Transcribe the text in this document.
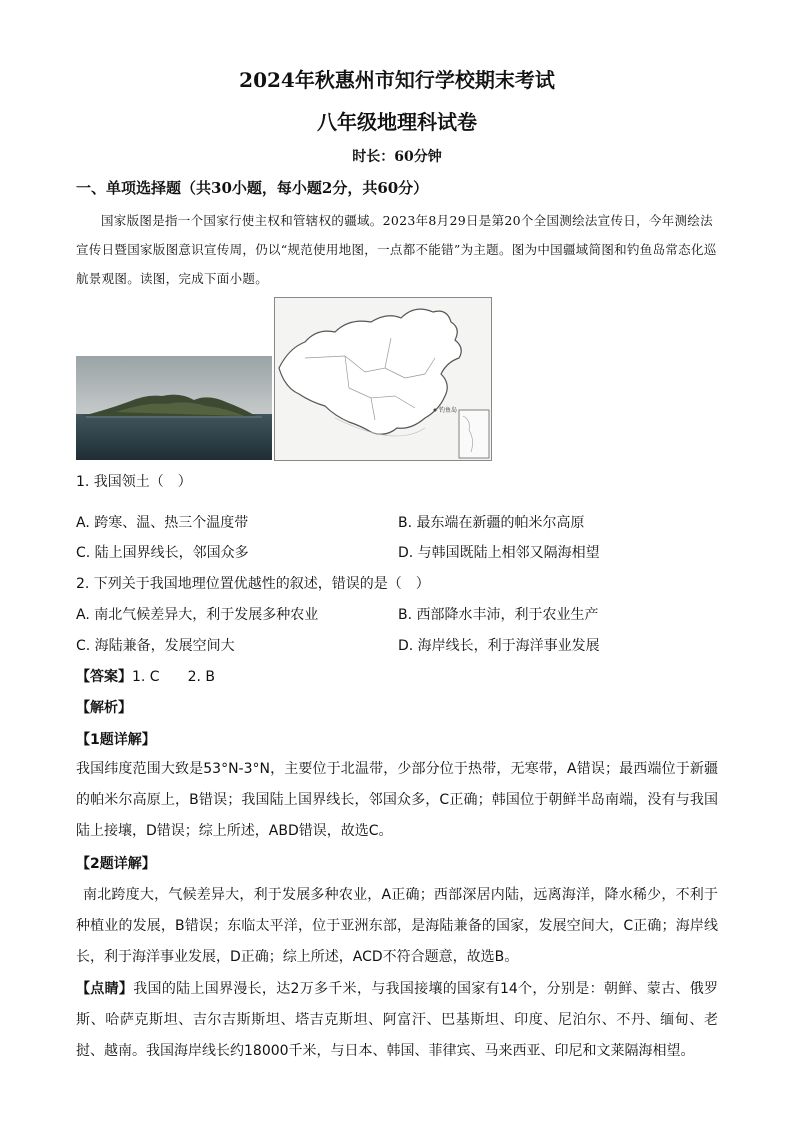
2024年秋惠州市知行学校期末考试
八年级地理科试卷
时长：60分钟
一、单项选择题（共30小题，每小题2分，共60分）
国家版图是指一个国家行使主权和管辖权的疆域。2023年8月29日是第20个全国测绘法宣传日，今年测绘法宣传日暨国家版图意识宣传周，仍以“规范使用地图，一点都不能错”为主题。图为中国疆域简图和钓鱼岛常态化巡航景观图。读图，完成下面小题。
钓鱼岛
1. 我国领土（　）
A. 跨寒、温、热三个温度带	B. 最东端在新疆的帕米尔高原
C. 陆上国界线长，邻国众多	D. 与韩国既陆上相邻又隔海相望
2. 下列关于我国地理位置优越性的叙述，错误的是（　）
A. 南北气候差异大，利于发展多种农业	B. 西部降水丰沛，利于农业生产
C. 海陆兼备，发展空间大	D. 海岸线长，利于海洋事业发展
【答案】1. C　　2. B
【解析】
【1题详解】
我国纬度范围大致是53°N-3°N，主要位于北温带，少部分位于热带，无寒带，A错误；最西端位于新疆的帕米尔高原上，B错误；我国陆上国界线长，邻国众多，C正确；韩国位于朝鲜半岛南端，没有与我国陆上接壤，D错误；综上所述，ABD错误，故选C。
【2题详解】
南北跨度大，气候差异大，利于发展多种农业，A正确；西部深居内陆，远离海洋，降水稀少，不利于种植业的发展，B错误；东临太平洋，位于亚洲东部，是海陆兼备的国家，发展空间大，C正确；海岸线长，利于海洋事业发展，D正确；综上所述，ACD不符合题意，故选B。
【点睛】我国的陆上国界漫长，达2万多千米，与我国接壤的国家有14个，分别是：朝鲜、蒙古、俄罗斯、哈萨克斯坦、吉尔吉斯斯坦、塔吉克斯坦、阿富汗、巴基斯坦、印度、尼泊尔、不丹、缅甸、老挝、越南。我国海岸线长约18000千米，与日本、韩国、菲律宾、马来西亚、印尼和文莱隔海相望。
